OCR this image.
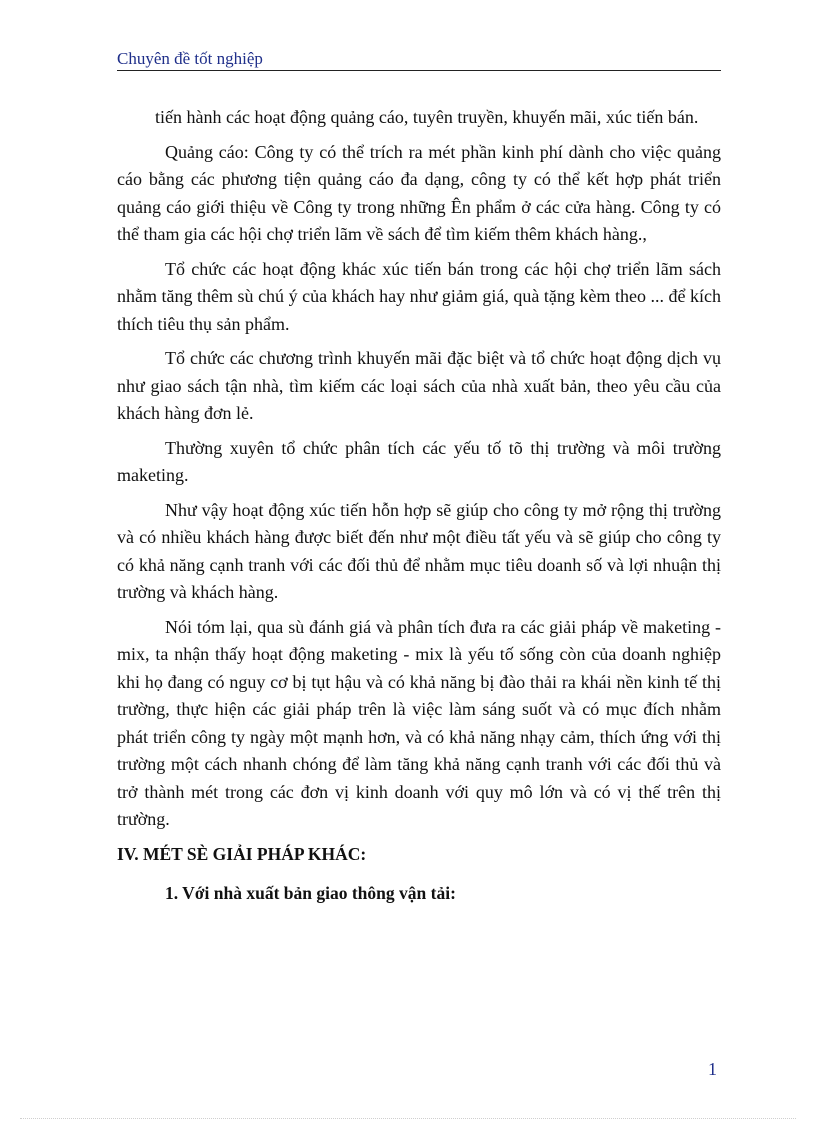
Chuyên đề tốt nghiệp

tiến hành các hoạt động quảng cáo, tuyên truyền, khuyến mãi, xúc tiến bán.

Quảng cáo: Công ty có thể trích ra mét phần kinh phí dành cho việc quảng cáo bằng các phương tiện quảng cáo đa dạng, công ty có thể kết hợp phát triển quảng cáo giới thiệu về Công ty trong những Ên phẩm ở các cửa hàng. Công ty có thể tham gia các hội chợ triển lãm về sách để tìm kiếm thêm khách hàng.,

Tổ chức các hoạt động khác xúc tiến bán trong các hội chợ triển lãm sách nhằm tăng thêm sù chú ý của khách hay như giảm giá, quà tặng kèm theo ... để kích thích tiêu thụ sản phẩm.

Tổ chức các chương trình khuyến mãi đặc biệt và tổ chức hoạt động dịch vụ như giao sách tận nhà, tìm kiếm các loại sách của nhà xuất bản, theo yêu cầu của khách hàng đơn lẻ.

Thường xuyên tổ chức phân tích các yếu tố tõ thị trường và môi trường maketing.

Như vậy hoạt động xúc tiến hỗn hợp sẽ giúp cho công ty mở rộng thị trường và có nhiều khách hàng được biết đến như một điều tất yếu và sẽ giúp cho công ty có khả năng cạnh tranh với các đối thủ để nhằm mục tiêu doanh số và lợi nhuận thị trường và khách hàng.

Nói tóm lại, qua sù đánh giá và phân tích đưa ra các giải pháp về maketing - mix, ta nhận thấy hoạt động maketing - mix là yếu tố sống còn của doanh nghiệp khi họ đang có nguy cơ bị tụt hậu và có khả năng bị đào thải ra khái nền kinh tế thị trường, thực hiện các giải pháp trên là việc làm sáng suốt và có mục đích nhằm phát triển công ty ngày một mạnh hơn, và có khả năng nhạy cảm, thích ứng với thị trường một cách nhanh chóng để làm tăng khả năng cạnh tranh với các đối thủ và trở thành mét trong các đơn vị kinh doanh với quy mô lớn và có vị thế trên thị trường.

IV. MÉT SÈ GIẢI PHÁP KHÁC:
1. Với nhà xuất bản giao thông vận tải:
1
